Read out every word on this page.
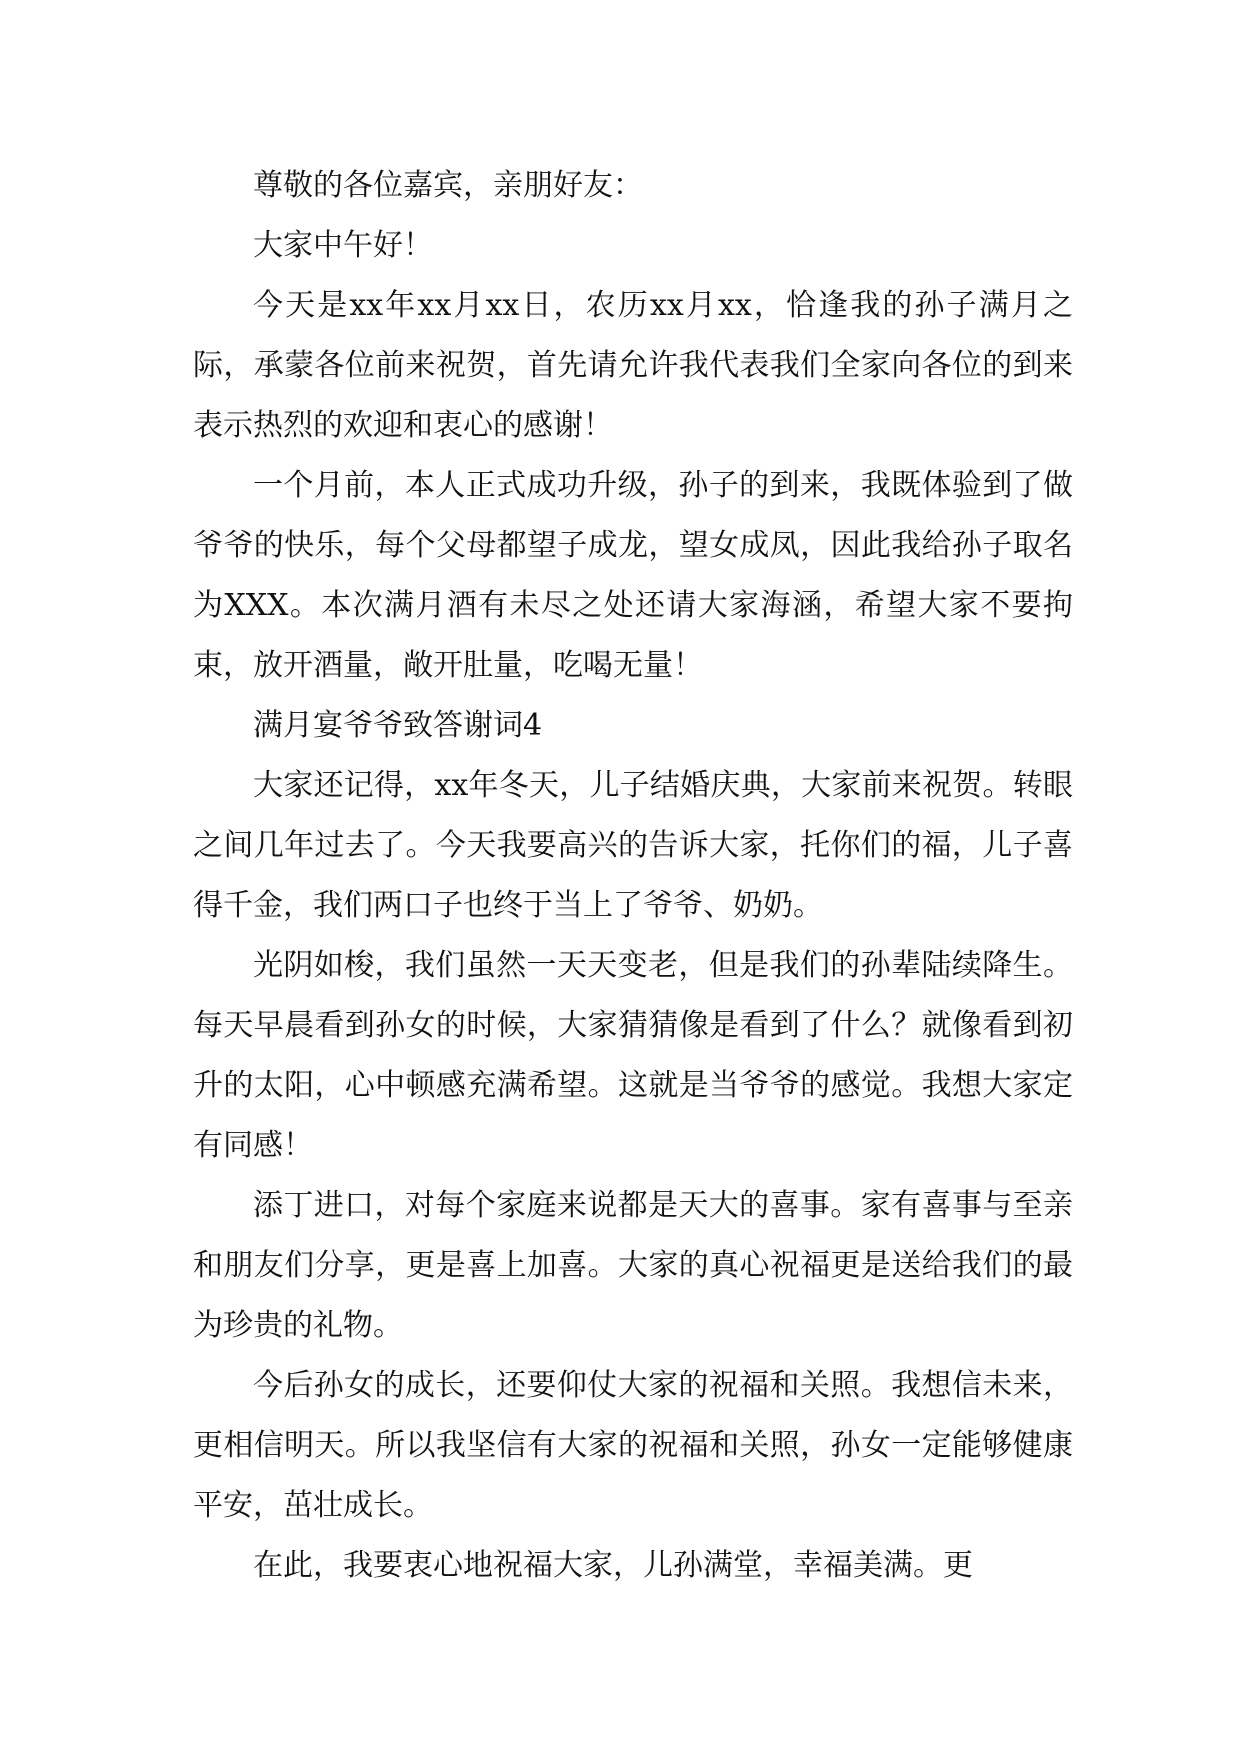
尊敬的各位嘉宾，亲朋好友：

大家中午好！

今天是xx年xx月xx日，农历xx月xx，恰逢我的孙子满月之际，承蒙各位前来祝贺，首先请允许我代表我们全家向各位的到来表示热烈的欢迎和衷心的感谢！

一个月前，本人正式成功升级，孙子的到来，我既体验到了做爷爷的快乐，每个父母都望子成龙，望女成凤，因此我给孙子取名为XXX。本次满月酒有未尽之处还请大家海涵，希望大家不要拘束，放开酒量，敞开肚量，吃喝无量！

满月宴爷爷致答谢词4

大家还记得，xx年冬天，儿子结婚庆典，大家前来祝贺。转眼之间几年过去了。今天我要高兴的告诉大家，托你们的福，儿子喜得千金，我们两口子也终于当上了爷爷、奶奶。

光阴如梭，我们虽然一天天变老，但是我们的孙辈陆续降生。每天早晨看到孙女的时候，大家猜猜像是看到了什么？就像看到初升的太阳，心中顿感充满希望。这就是当爷爷的感觉。我想大家定有同感！

添丁进口，对每个家庭来说都是天大的喜事。家有喜事与至亲和朋友们分享，更是喜上加喜。大家的真心祝福更是送给我们的最为珍贵的礼物。

今后孙女的成长，还要仰仗大家的祝福和关照。我想信未来，更相信明天。所以我坚信有大家的祝福和关照，孙女一定能够健康平安，茁壮成长。

在此，我要衷心地祝福大家，儿孙满堂，幸福美满。更
